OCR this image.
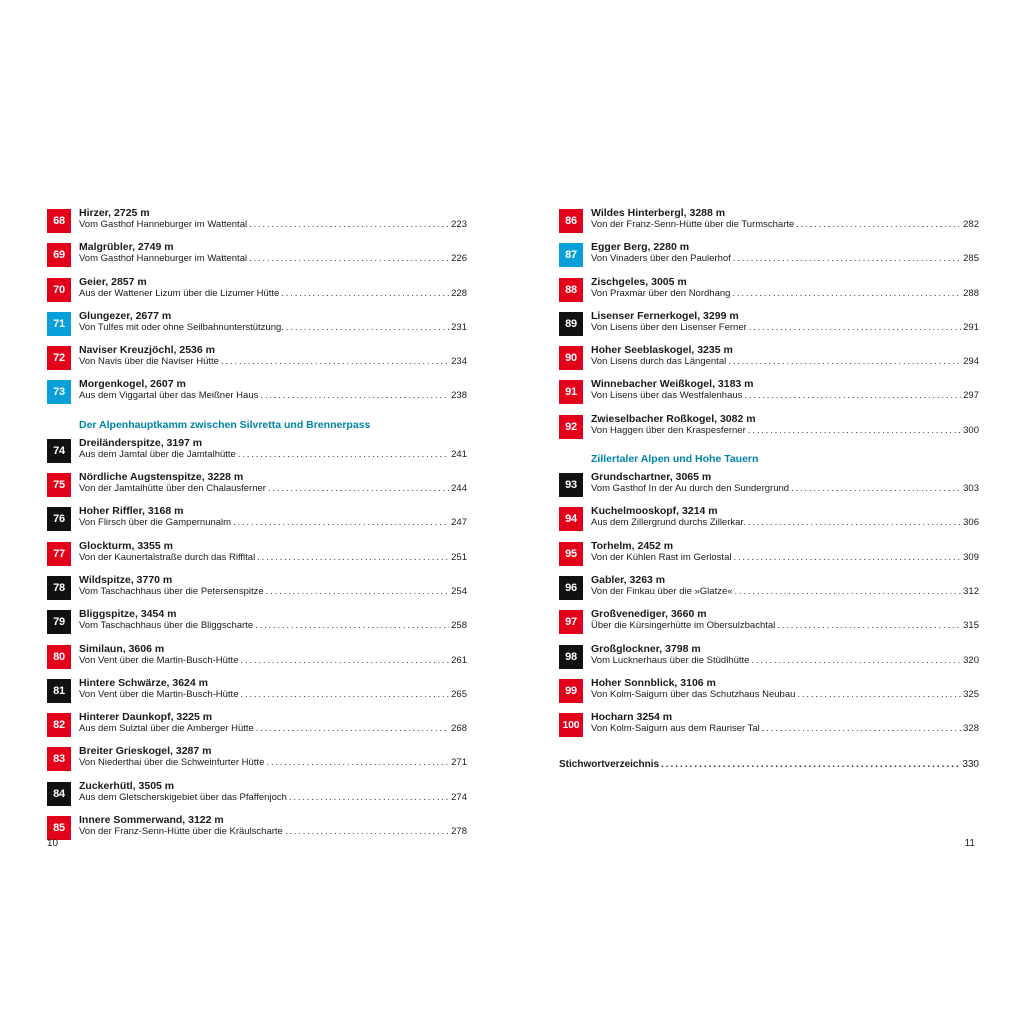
68
Hirzer, 2725 m
Vom Gasthof Hanneburger im Wattental . . .	223
69
Malgrübler, 2749 m
Vom Gasthof Hanneburger im Wattental . . .	226
70
Geier, 2857 m
Aus der Wattener Lizum über die Lizumer Hütte . . .	228
71
Glungezer, 2677 m
Von Tulfes mit oder ohne Seilbahnunterstützung. . . .	231
72
Naviser Kreuzjöchl, 2536 m
Von Navis über die Naviser Hütte . . .	234
73
Morgenkogel, 2607 m
Aus dem Viggartal über das Meißner Haus . . .	238
Der Alpenhauptkamm zwischen Silvretta und Brennerpass
74
Dreiländerspitze, 3197 m
Aus dem Jamtal über die Jamtalhütte . . .	241
75
Nördliche Augstenspitze, 3228 m
Von der Jamtalhütte über den Chalausferner . . .	244
76
Hoher Riffler, 3168 m
Von Flirsch über die Gampernunalm . . .	247
77
Glockturm, 3355 m
Von der Kaunertalstraße durch das Riffltal . . .	251
78
Wildspitze, 3770 m
Vom Taschachhaus über die Petersenspitze . . .	254
79
Bliggspitze, 3454 m
Vom Taschachhaus über die Bliggscharte . . .	258
80
Similaun, 3606 m
Von Vent über die Martin-Busch-Hütte . . .	261
81
Hintere Schwärze, 3624 m
Von Vent über die Martin-Busch-Hütte . . .	265
82
Hinterer Daunkopf, 3225 m
Aus dem Sulztal über die Amberger Hütte . . .	268
83
Breiter Grieskogel, 3287 m
Von Niederthai über die Schweinfurter Hütte . . .	271
84
Zuckerhütl, 3505 m
Aus dem Gletscherskigebiet über das Pfaffenjoch . . .	274
85
Innere Sommerwand, 3122 m
Von der Franz-Senn-Hütte über die Kräulscharte . . .	278
10
86
Wildes Hinterbergl, 3288 m
Von der Franz-Senn-Hütte über die Turmscharte . . .	282
87
Egger Berg, 2280 m
Von Vinaders über den Paulerhof . . .	285
88
Zischgeles, 3005 m
Von Praxmar über den Nordhang . . .	288
89
Lisenser Fernerkogel, 3299 m
Von Lisens über den Lisenser Ferner . . .	291
90
Hoher Seeblaskogel, 3235 m
Von Lisens durch das Längental . . .	294
91
Winnebacher Weißkogel, 3183 m
Von Lisens über das Westfalenhaus . . .	297
92
Zwieselbacher Roßkogel, 3082 m
Von Haggen über den Kraspesferner . . .	300
Zillertaler Alpen und Hohe Tauern
93
Grundschartner, 3065 m
Vom Gasthof In der Au durch den Sundergrund . . .	303
94
Kuchelmooskopf, 3214 m
Aus dem Zillergrund durchs Zillerkar. . . .	306
95
Torhelm, 2452 m
Von der Kühlen Rast im Gerlostal . . .	309
96
Gabler, 3263 m
Von der Finkau über die »Glatze« . . .	312
97
Großvenediger, 3660 m
Über die Kürsingerhütte im Obersulzbachtal . . .	315
98
Großglockner, 3798 m
Vom Lucknerhaus über die Stüdlhütte . . .	320
99
Hoher Sonnblick, 3106 m
Von Kolm-Saigurn über das Schutzhaus Neubau . . .	325
100
Hocharn 3254 m
Von Kolm-Saigurn aus dem Rauriser Tal . . .	328
Stichwortverzeichnis . . .	330
11
